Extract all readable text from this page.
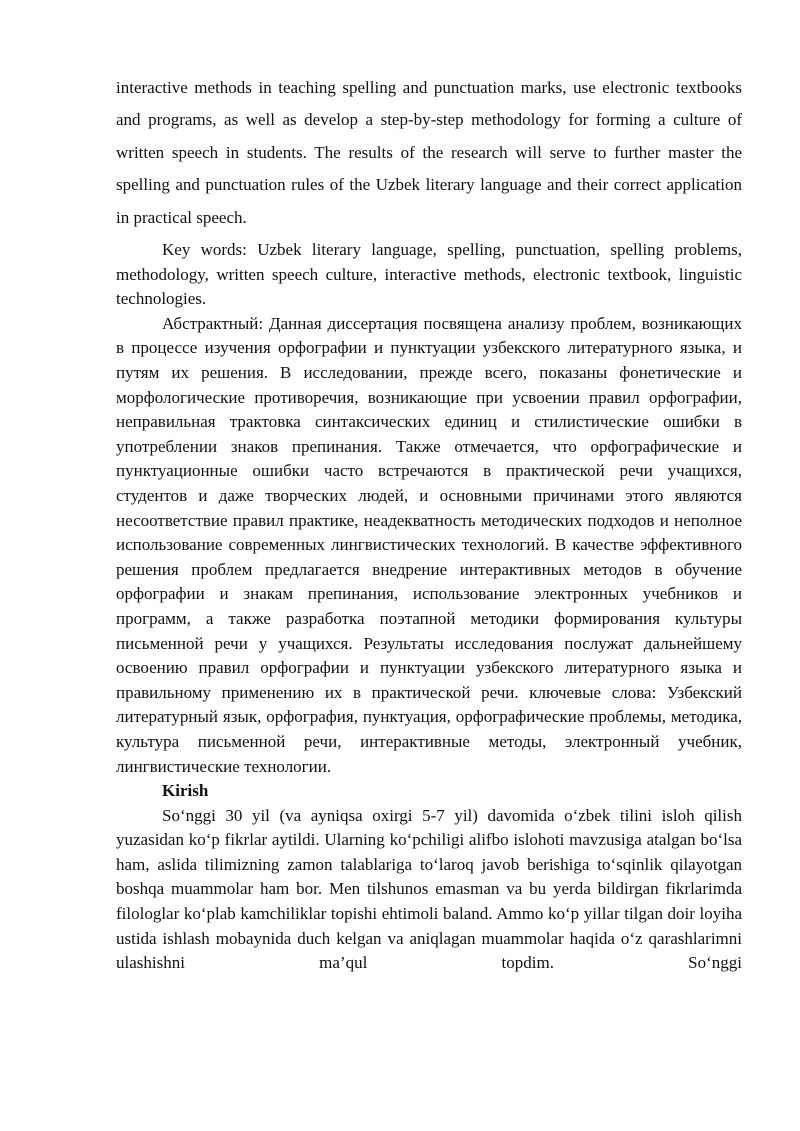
interactive methods in teaching spelling and punctuation marks, use electronic textbooks and programs, as well as develop a step-by-step methodology for forming a culture of written speech in students. The results of the research will serve to further master the spelling and punctuation rules of the Uzbek literary language and their correct application in practical speech.

Key words: Uzbek literary language, spelling, punctuation, spelling problems, methodology, written speech culture, interactive methods, electronic textbook, linguistic technologies.

Абстрактный: Данная диссертация посвящена анализу проблем, возникающих в процессе изучения орфографии и пунктуации узбекского литературного языка, и путям их решения. В исследовании, прежде всего, показаны фонетические и морфологические противоречия, возникающие при усвоении правил орфографии, неправильная трактовка синтаксических единиц и стилистические ошибки в употреблении знаков препинания. Также отмечается, что орфографические и пунктуационные ошибки часто встречаются в практической речи учащихся, студентов и даже творческих людей, и основными причинами этого являются несоответствие правил практике, неадекватность методических подходов и неполное использование современных лингвистических технологий. В качестве эффективного решения проблем предлагается внедрение интерактивных методов в обучение орфографии и знакам препинания, использование электронных учебников и программ, а также разработка поэтапной методики формирования культуры письменной речи у учащихся. Результаты исследования послужат дальнейшему освоению правил орфографии и пунктуации узбекского литературного языка и правильному применению их в практической речи. ключевые слова: Узбекский литературный язык, орфография, пунктуация, орфографические проблемы, методика, культура письменной речи, интерактивные методы, электронный учебник, лингвистические технологии.

Kirish

So‘nggi 30 yil (va ayniqsa oxirgi 5-7 yil) davomida o‘zbek tilini isloh qilish yuzasidan ko‘p fikrlar aytildi. Ularning ko‘pchiligi alifbo islohoti mavzusiga atalgan bo‘lsa ham, aslida tilimizning zamon talablariga to‘laroq javob berishiga to‘sqinlik qilayotgan boshqa muammolar ham bor. Men tilshunos emasman va bu yerda bildirgan fikrlarimda filologlar ko‘plab kamchiliklar topishi ehtimoli baland. Ammo ko‘p yillar tilgan doir loyiha ustida ishlash mobaynida duch kelgan va aniqlagan muammolar haqida o‘z qarashlarimni ulashishni ma’qul topdim. So‘nggi
